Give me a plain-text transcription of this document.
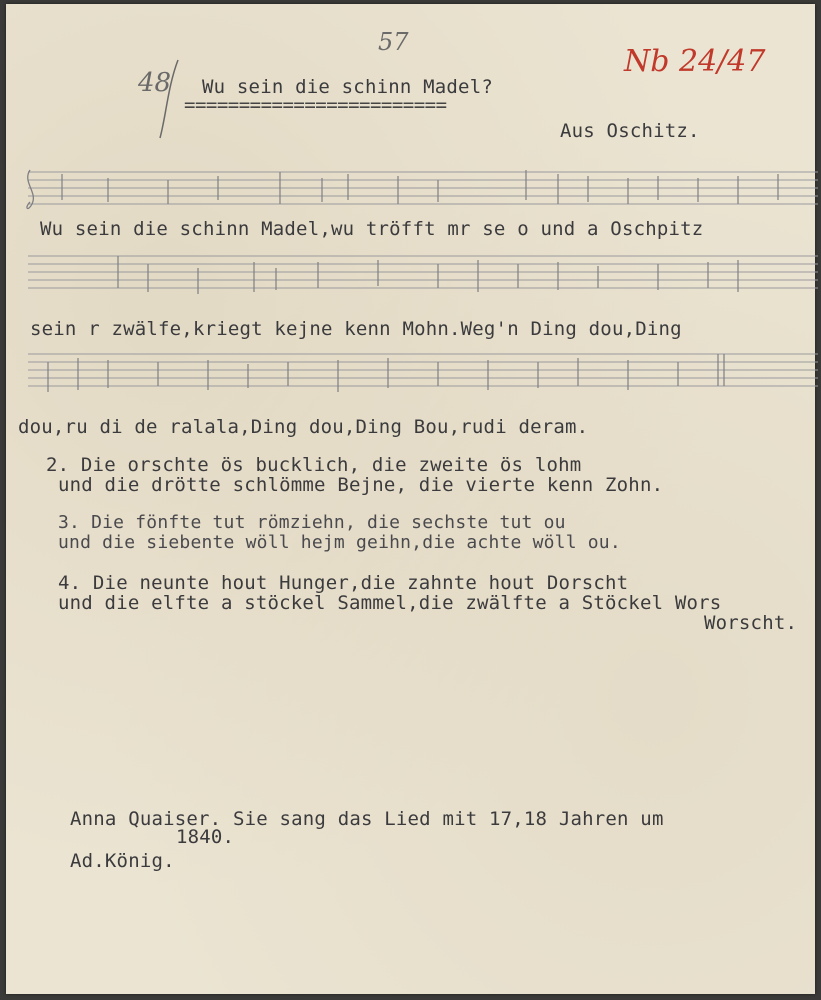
57
48
Nb 24/47
Wu sein die schinn Madel?
========================
Aus Oschitz.
Wu sein die schinn Madel,wu tröfft mr se o und a Oschpitz
sein r zwälfe,kriegt kejne kenn Mohn.Weg'n Ding dou,Ding
dou,ru di de ralala,Ding dou,Ding Bou,rudi deram.
2. Die orschte ös bucklich, die zweite ös lohm
und die drötte schlömme Bejne, die vierte kenn Zohn.
3. Die fönfte tut römziehn, die sechste tut ou
und die siebente wöll hejm geihn,die achte wöll ou.
4. Die neunte hout Hunger,die zahnte hout Dorscht
und die elfte a stöckel Sammel,die zwälfte a Stöckel Wors
Worscht.
Anna Quaiser. Sie sang das Lied mit 17,18 Jahren um
1840.
Ad.König.
